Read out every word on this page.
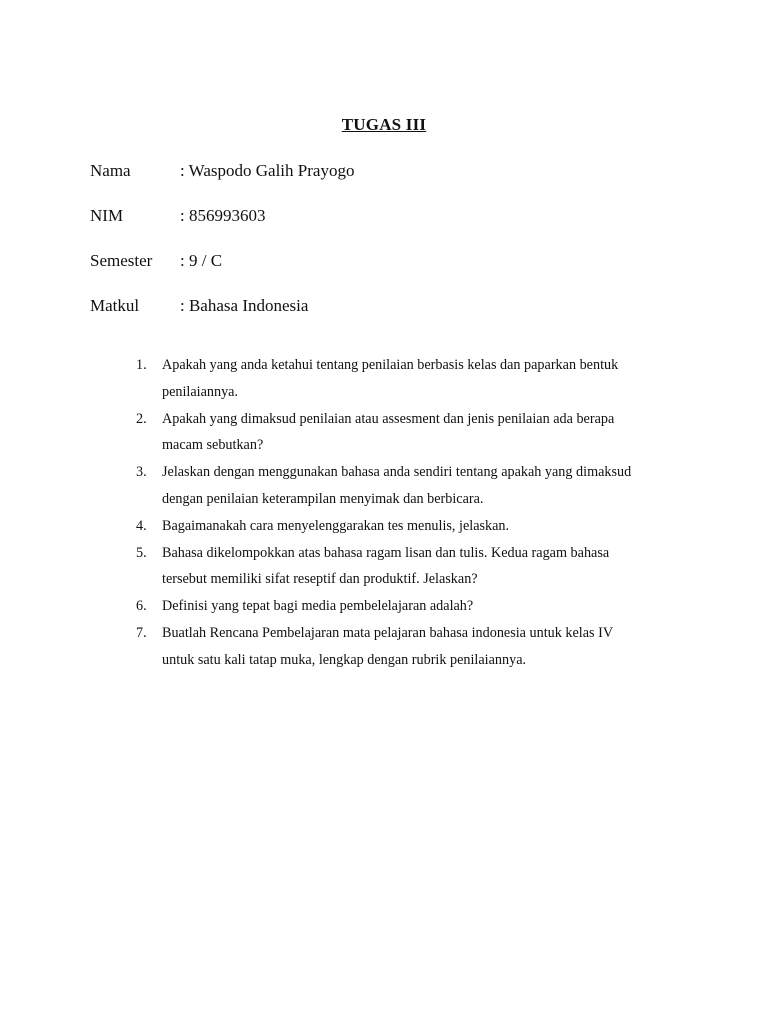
TUGAS III
Nama	: Waspodo Galih Prayogo
NIM	: 856993603
Semester : 9 / C
Matkul : Bahasa Indonesia
1. Apakah yang anda ketahui tentang penilaian berbasis kelas dan paparkan bentuk
penilaiannya.
2. Apakah yang dimaksud penilaian atau assesment dan jenis penilaian ada berapa
macam sebutkan?
3. Jelaskan dengan menggunakan bahasa anda sendiri tentang apakah yang dimaksud
dengan penilaian keterampilan menyimak dan berbicara.
4. Bagaimanakah cara menyelenggarakan tes menulis, jelaskan.
5. Bahasa dikelompokkan atas bahasa ragam lisan dan tulis. Kedua ragam bahasa
tersebut memiliki sifat reseptif dan produktif. Jelaskan?
6. Definisi yang tepat bagi media pembelelajaran adalah?
7. Buatlah Rencana Pembelajaran mata pelajaran bahasa indonesia untuk kelas IV
untuk satu kali tatap muka, lengkap dengan rubrik penilaiannya.
